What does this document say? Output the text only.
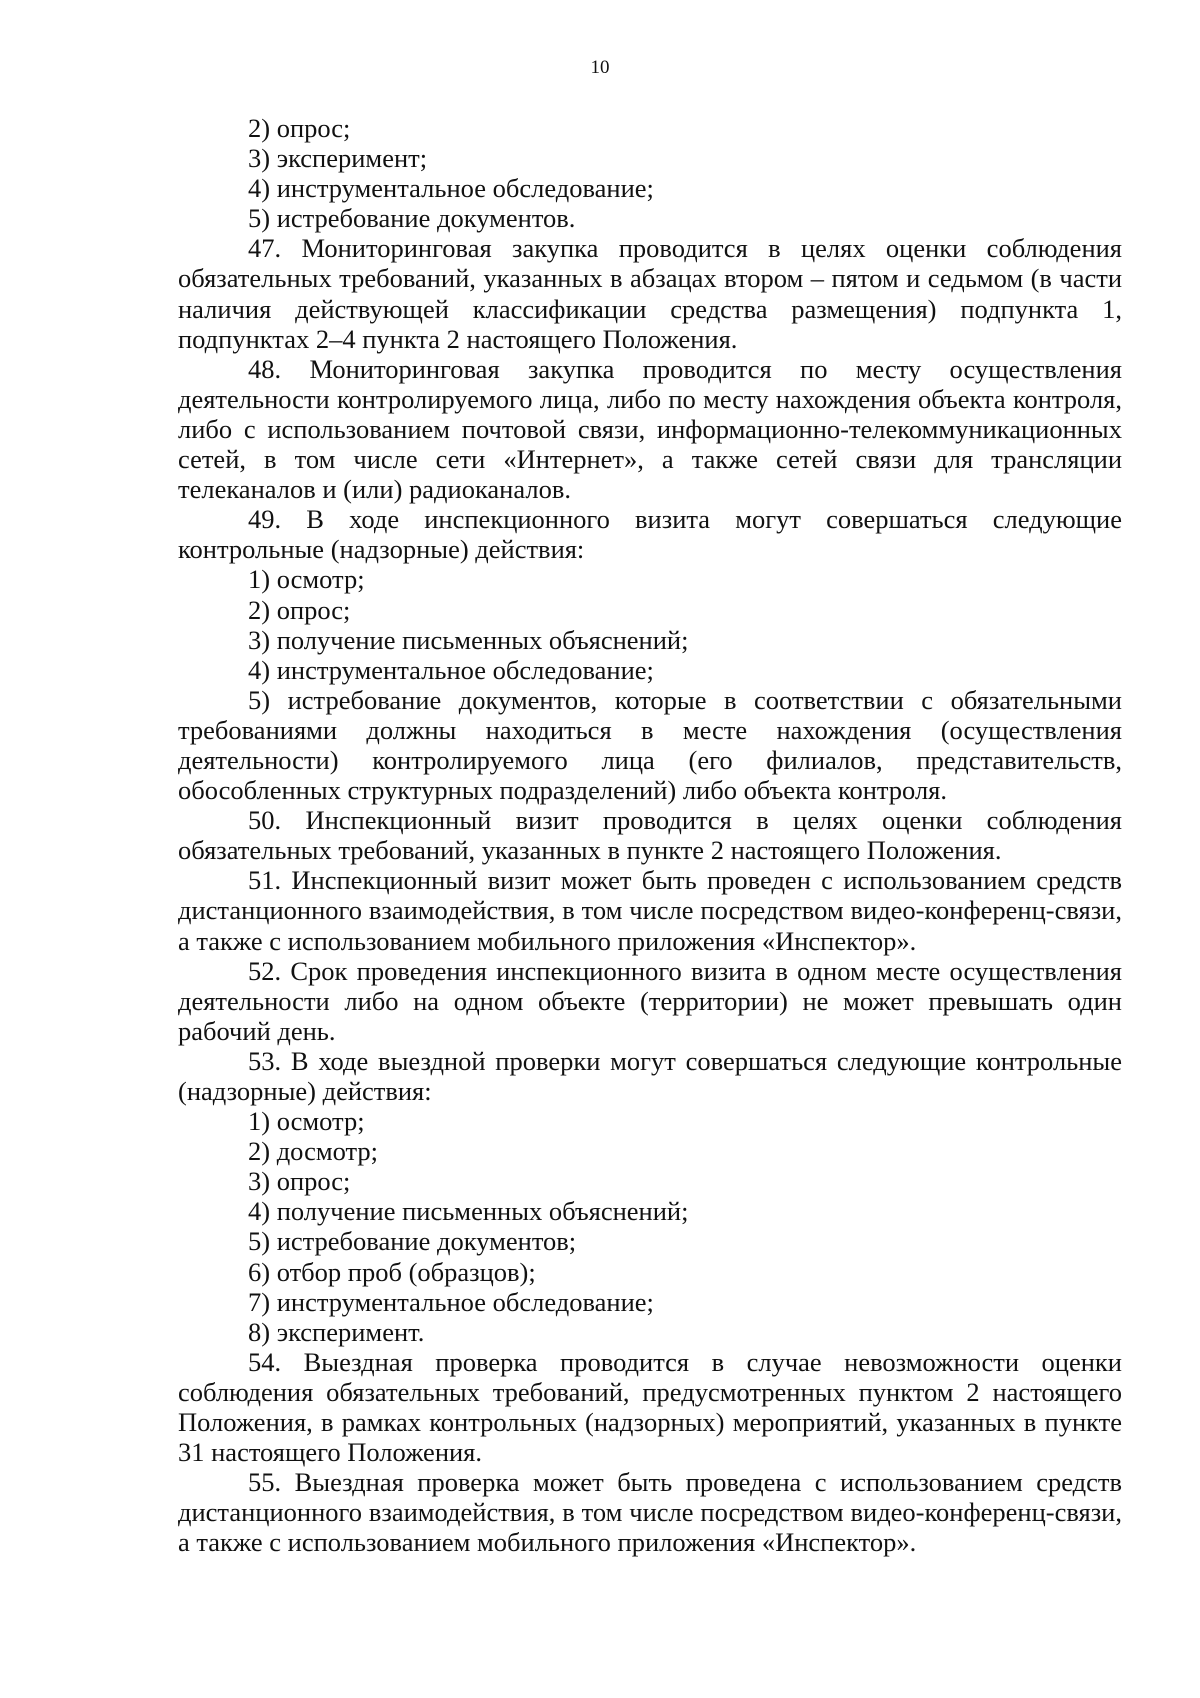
10

2) опрос;

3) эксперимент;

4) инструментальное обследование;

5) истребование документов.

47. Мониторинговая закупка проводится в целях оценки соблюдения обязательных требований, указанных в абзацах втором – пятом и седьмом (в части наличия действующей классификации средства размещения) подпункта 1, подпунктах 2–4 пункта 2 настоящего Положения.

48. Мониторинговая закупка проводится по месту осуществления деятельности контролируемого лица, либо по месту нахождения объекта контроля, либо с использованием почтовой связи, информационно-телекоммуникационных сетей, в том числе сети «Интернет», а также сетей связи для трансляции телеканалов и (или) радиоканалов.

49. В ходе инспекционного визита могут совершаться следующие контрольные (надзорные) действия:

1) осмотр;

2) опрос;

3) получение письменных объяснений;

4) инструментальное обследование;

5) истребование документов, которые в соответствии с обязательными требованиями должны находиться в месте нахождения (осуществления деятельности) контролируемого лица (его филиалов, представительств, обособленных структурных подразделений) либо объекта контроля.

50. Инспекционный визит проводится в целях оценки соблюдения обязательных требований, указанных в пункте 2 настоящего Положения.

51. Инспекционный визит может быть проведен с использованием средств дистанционного взаимодействия, в том числе посредством видео-конференц-связи, а также с использованием мобильного приложения «Инспектор».

52. Срок проведения инспекционного визита в одном месте осуществления деятельности либо на одном объекте (территории) не может превышать один рабочий день.

53. В ходе выездной проверки могут совершаться следующие контрольные (надзорные) действия:

1) осмотр;

2) досмотр;

3) опрос;

4) получение письменных объяснений;

5) истребование документов;

6) отбор проб (образцов);

7) инструментальное обследование;

8) эксперимент.

54. Выездная проверка проводится в случае невозможности оценки соблюдения обязательных требований, предусмотренных пунктом 2 настоящего Положения, в рамках контрольных (надзорных) мероприятий, указанных в пункте 31 настоящего Положения.

55. Выездная проверка может быть проведена с использованием средств дистанционного взаимодействия, в том числе посредством видео-конференц-связи, а также с использованием мобильного приложения «Инспектор».
